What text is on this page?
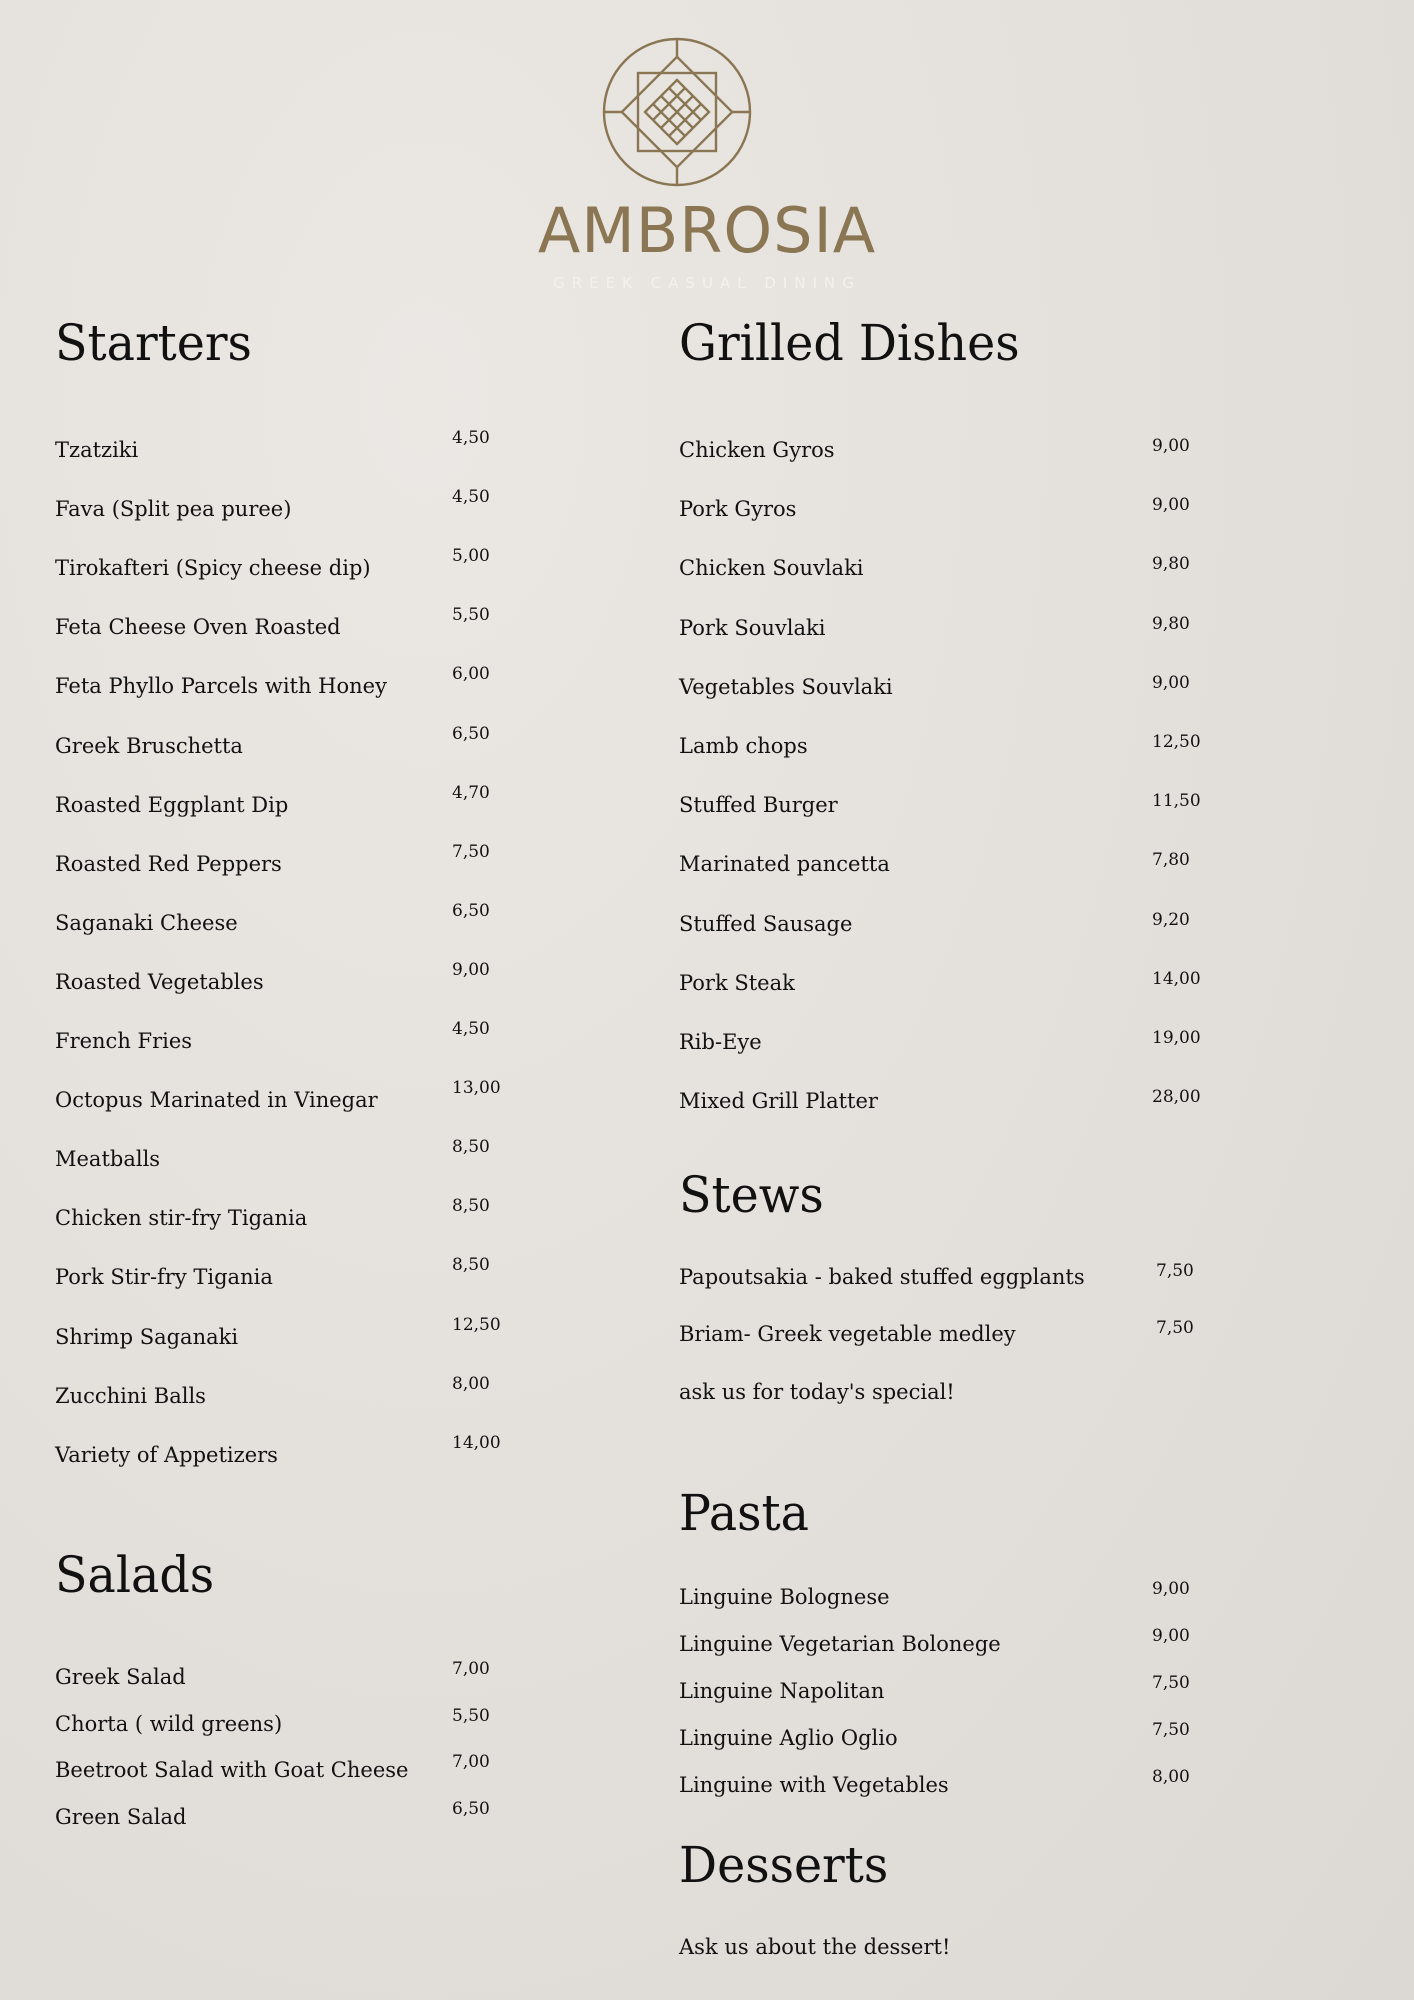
AMBROSIA
GREEK CASUAL DINING
Starters
Tzatziki	4,50
Fava (Split pea puree)	4,50
Tirokafteri (Spicy cheese dip)	5,00
Feta Cheese Oven Roasted	5,50
Feta Phyllo Parcels with Honey	6,00
Greek Bruschetta	6,50
Roasted Eggplant Dip	4,70
Roasted Red Peppers	7,50
Saganaki Cheese	6,50
Roasted Vegetables	9,00
French Fries	4,50
Octopus Marinated in Vinegar	13,00
Meatballs	8,50
Chicken stir-fry Tigania	8,50
Pork Stir-fry Tigania	8,50
Shrimp Saganaki	12,50
Zucchini Balls	8,00
Variety of Appetizers	14,00
Salads
Greek Salad	7,00
Chorta ( wild greens)	5,50
Beetroot Salad with Goat Cheese	7,00
Green Salad	6,50
Grilled Dishes
Chicken Gyros	9,00
Pork Gyros	9,00
Chicken Souvlaki	9,80
Pork Souvlaki	9,80
Vegetables Souvlaki	9,00
Lamb chops	12,50
Stuffed Burger	11,50
Marinated pancetta	7,80
Stuffed Sausage	9,20
Pork Steak	14,00
Rib-Eye	19,00
Mixed Grill Platter	28,00
Stews
Papoutsakia - baked stuffed eggplants	7,50
Briam- Greek vegetable medley	7,50
ask us for today's special!
Pasta
Linguine Bolognese	9,00
Linguine Vegetarian Bolonege	9,00
Linguine Napolitan	7,50
Linguine Aglio Oglio	7,50
Linguine with Vegetables	8,00
Desserts
Ask us about the dessert!
